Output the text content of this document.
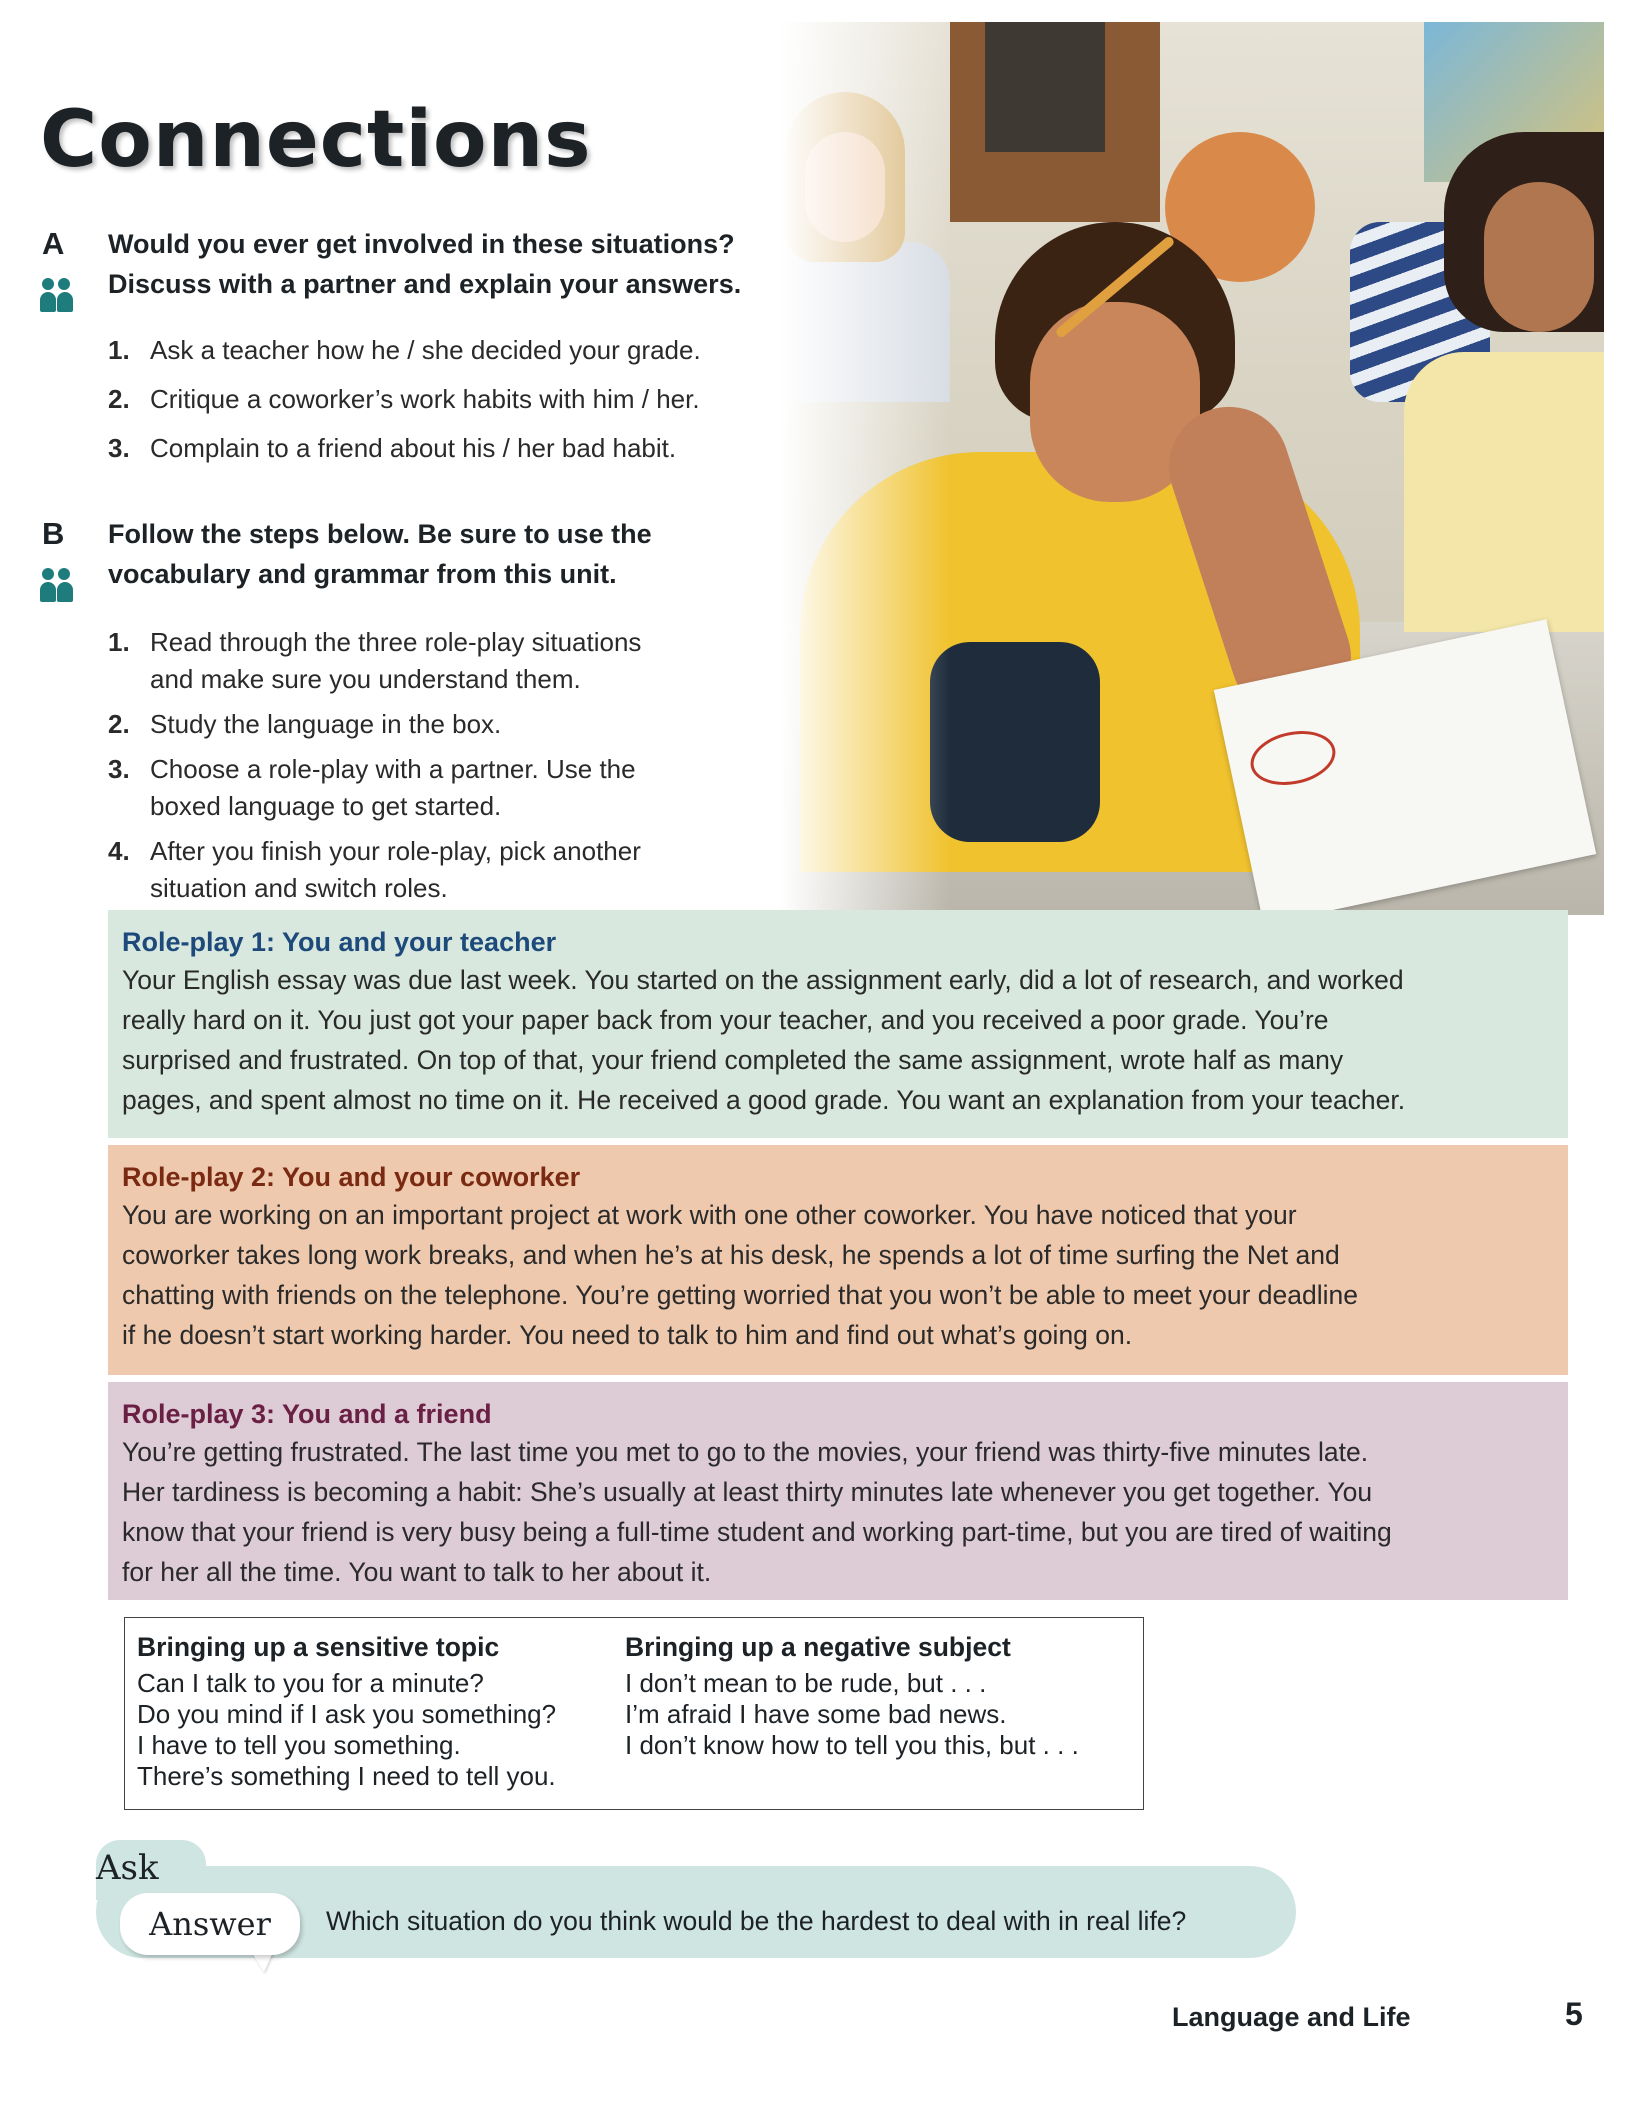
Connections
A Would you ever get involved in these situations?
Discuss with a partner and explain your answers.
1. Ask a teacher how he / she decided your grade.
2. Critique a coworker’s work habits with him / her.
3. Complain to a friend about his / her bad habit.
B Follow the steps below. Be sure to use the
vocabulary and grammar from this unit.
1. Read through the three role-play situations
and make sure you understand them.
2. Study the language in the box.
3. Choose a role-play with a partner. Use the
boxed language to get started.
4. After you finish your role-play, pick another
situation and switch roles.
Role-play 1: You and your teacher
Your English essay was due last week. You started on the assignment early, did a lot of research, and worked
really hard on it. You just got your paper back from your teacher, and you received a poor grade. You’re
surprised and frustrated. On top of that, your friend completed the same assignment, wrote half as many
pages, and spent almost no time on it. He received a good grade. You want an explanation from your teacher.
Role-play 2: You and your coworker
You are working on an important project at work with one other coworker. You have noticed that your
coworker takes long work breaks, and when he’s at his desk, he spends a lot of time surfing the Net and
chatting with friends on the telephone. You’re getting worried that you won’t be able to meet your deadline
if he doesn’t start working harder. You need to talk to him and find out what’s going on.
Role-play 3: You and a friend
You’re getting frustrated. The last time you met to go to the movies, your friend was thirty-five minutes late.
Her tardiness is becoming a habit: She’s usually at least thirty minutes late whenever you get together. You
know that your friend is very busy being a full-time student and working part-time, but you are tired of waiting
for her all the time. You want to talk to her about it.
Bringing up a sensitive topic
Can I talk to you for a minute?
Do you mind if I ask you something?
I have to tell you something.
There’s something I need to tell you.
Bringing up a negative subject
I don’t mean to be rude, but . . .
I’m afraid I have some bad news.
I don’t know how to tell you this, but . . .
Ask
Answer	Which situation do you think would be the hardest to deal with in real life?
Language and Life	5
